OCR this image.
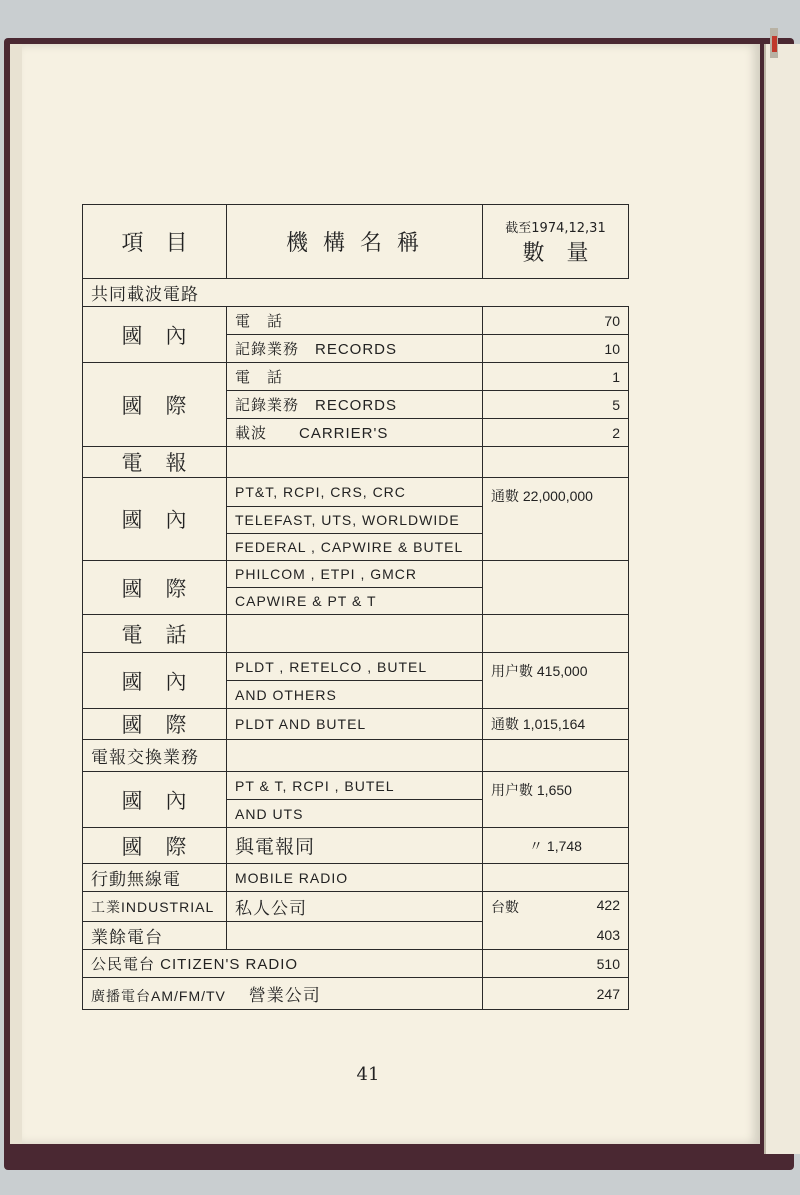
項　目	機 構 名 稱	截至1974,12,31
數　量

共同載波電路		
國　內	電　話	70
	記錄業務　RECORDS	10
國　際	電　話	1
	記錄業務　RECORDS	5
	載波　　CARRIER'S	2
電　報		
國　內	PT&T, RCPI, CRS, CRC	通數 22,000,000
	TELEFAST, UTS, WORLDWIDE	
	FEDERAL , CAPWIRE & BUTEL	
國　際	PHILCOM , ETPI , GMCR	
	CAPWIRE & PT & T	
電　話		
國　內	PLDT , RETELCO , BUTEL	用户數 415,000
	AND OTHERS	
國　際	PLDT AND BUTEL	通數 1,015,164
電報交換業務		
國　內	PT & T, RCPI , BUTEL	用户數 1,650
	AND UTS	
國　際	與電報同	〃 1,748
行動無線電	MOBILE RADIO	
工業INDUSTRIAL	私人公司	台數 422

業餘電台		403
公民電台 CITIZEN'S RADIO		510
廣播電台AM/FM/TV 營業公司		247
41
